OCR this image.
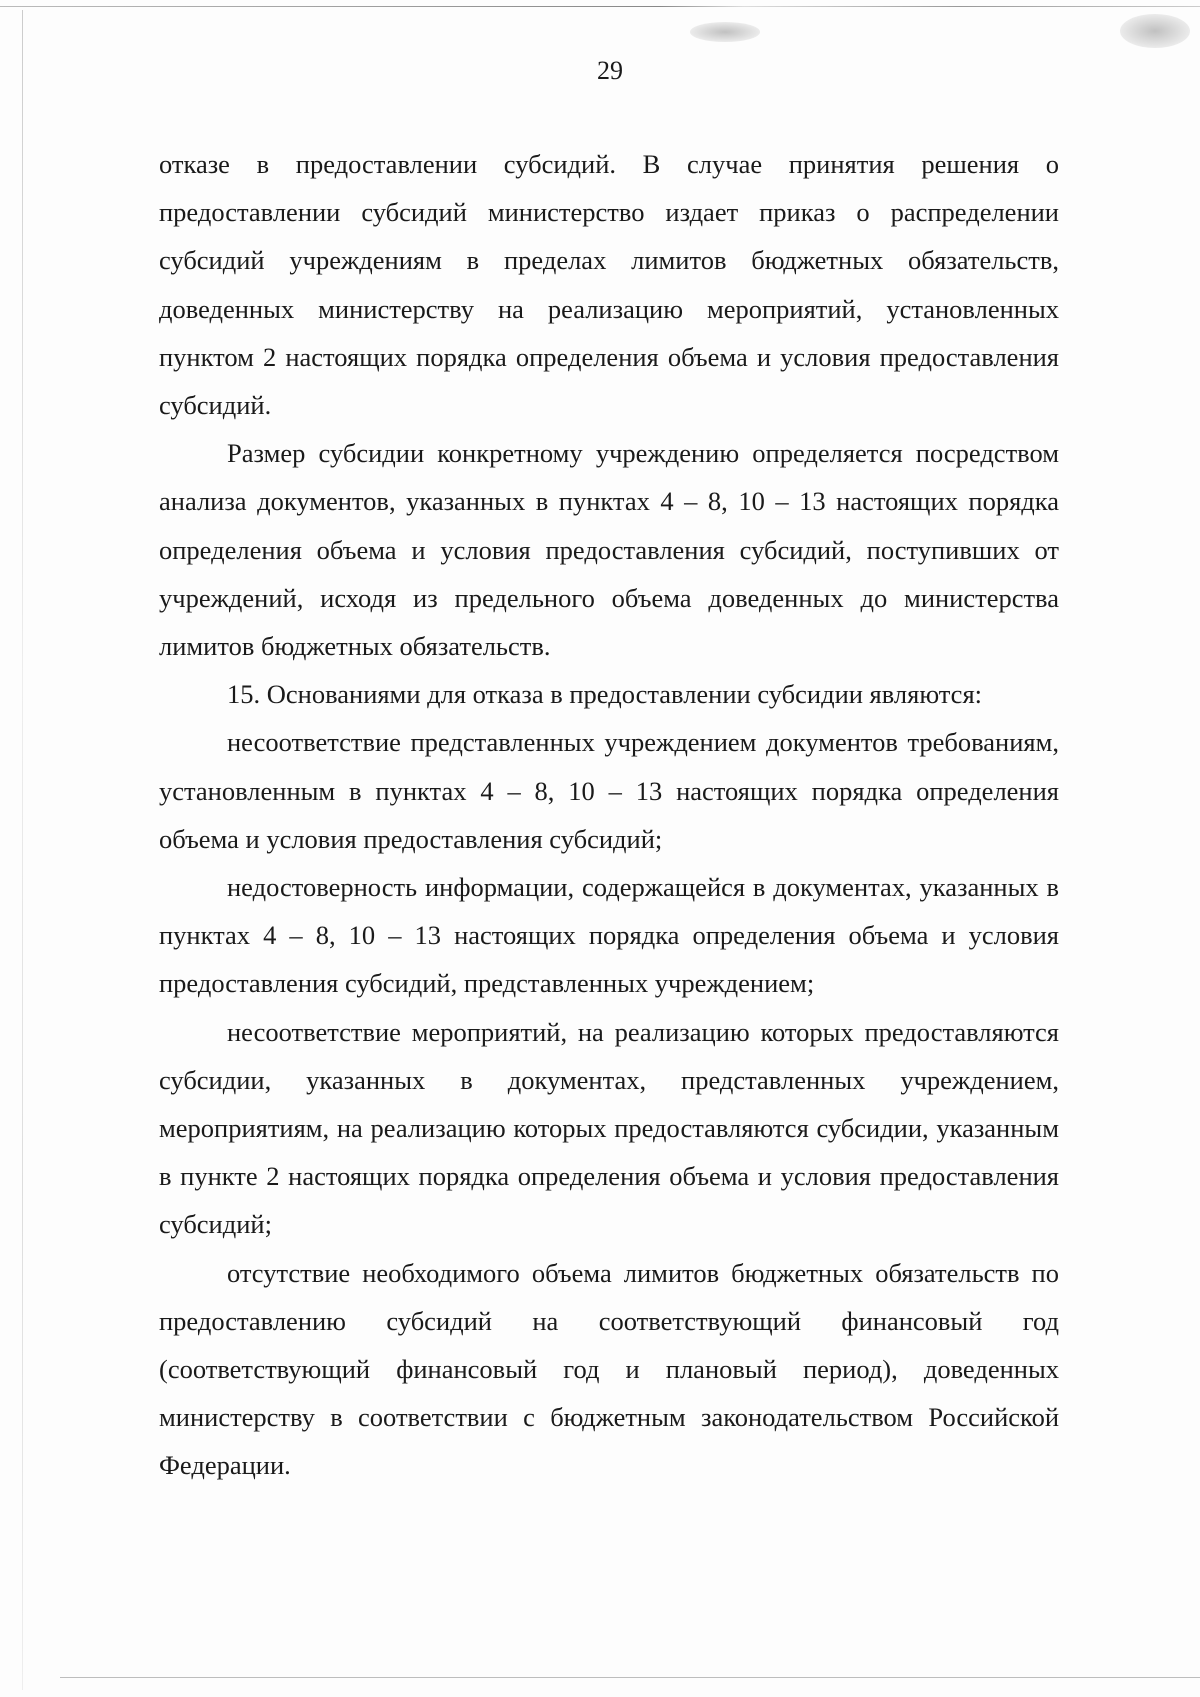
29

отказе в предоставлении субсидий. В случае принятия решения о предоставлении субсидий министерство издает приказ о распределении субсидий учреждениям в пределах лимитов бюджетных обязательств, доведенных министерству на реализацию мероприятий, установленных пунктом 2 настоящих порядка определения объема и условия предоставления субсидий.

Размер субсидии конкретному учреждению определяется посредством анализа документов, указанных в пунктах 4 – 8, 10 – 13 настоящих порядка определения объема и условия предоставления субсидий, поступивших от учреждений, исходя из предельного объема доведенных до министерства лимитов бюджетных обязательств.

15. Основаниями для отказа в предоставлении субсидии являются:

несоответствие представленных учреждением документов требованиям, установленным в пунктах 4 – 8, 10 – 13 настоящих порядка определения объема и условия предоставления субсидий;

недостоверность информации, содержащейся в документах, указанных в пунктах 4 – 8, 10 – 13 настоящих порядка определения объема и условия предоставления субсидий, представленных учреждением;

несоответствие мероприятий, на реализацию которых предоставляются субсидии, указанных в документах, представленных учреждением, мероприятиям, на реализацию которых предоставляются субсидии, указанным в пункте 2 настоящих порядка определения объема и условия предоставления субсидий;

отсутствие необходимого объема лимитов бюджетных обязательств по предоставлению субсидий на соответствующий финансовый год (соответствующий финансовый год и плановый период), доведенных министерству в соответствии с бюджетным законодательством Российской Федерации.
